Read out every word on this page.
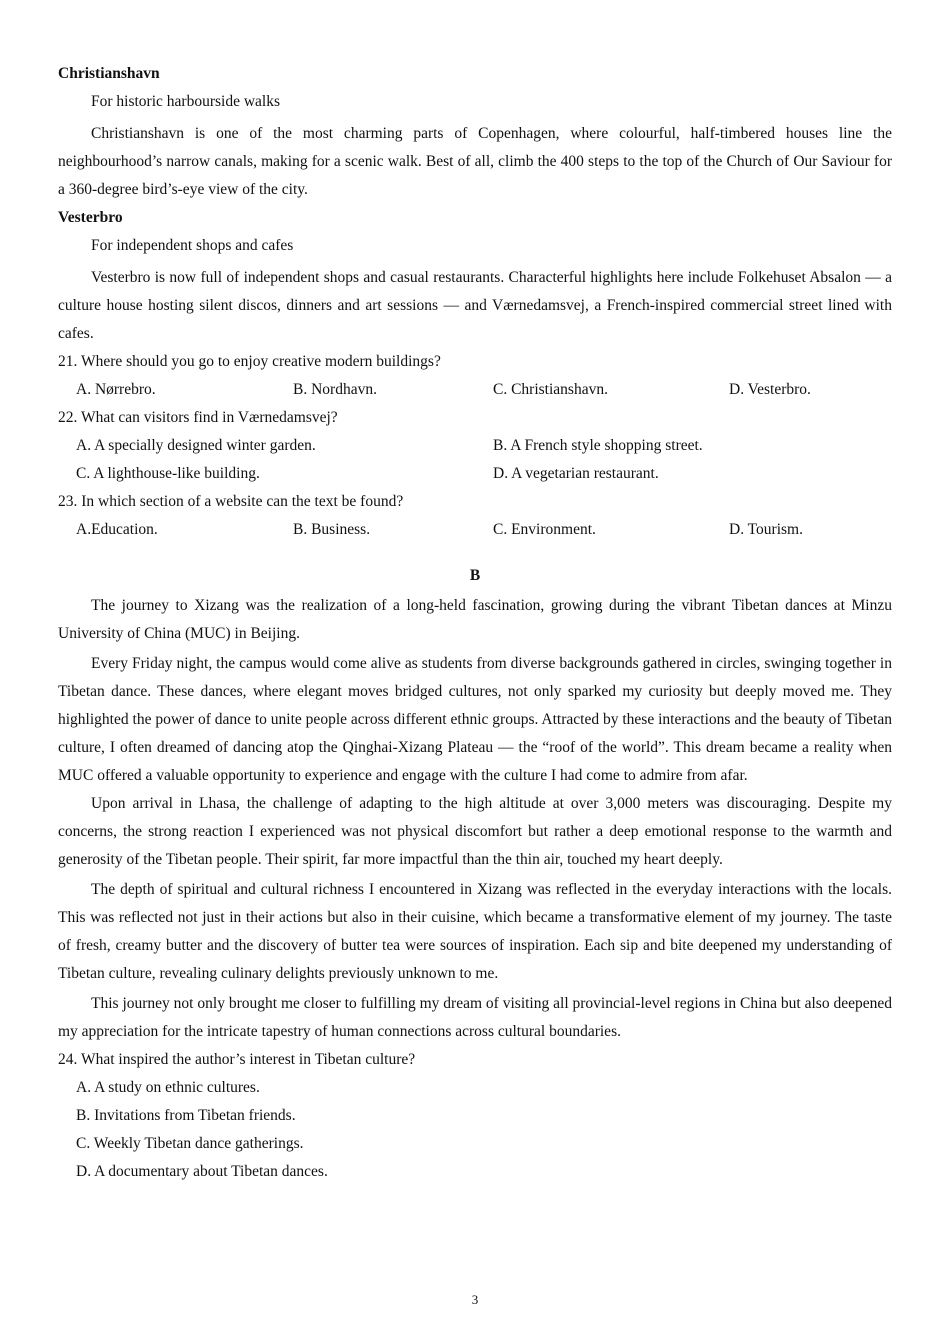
Christianshavn

For historic harbourside walks

Christianshavn is one of the most charming parts of Copenhagen, where colourful, half-timbered houses line the neighbourhood’s narrow canals, making for a scenic walk. Best of all, climb the 400 steps to the top of the Church of Our Saviour for a 360-degree bird’s-eye view of the city.

Vesterbro

For independent shops and cafes

Vesterbro is now full of independent shops and casual restaurants. Characterful highlights here include Folkehuset Absalon — a culture house hosting silent discos, dinners and art sessions — and Værnedamsvej, a French-inspired commercial street lined with cafes.

21. Where should you go to enjoy creative modern buildings?

A. Nørrebro.	B. Nordhavn.	C. Christianshavn.	D. Vesterbro.

22. What can visitors find in Værnedamsvej?

A. A specially designed winter garden.	B. A French style shopping street.
C. A lighthouse-like building.	D. A vegetarian restaurant.

23. In which section of a website can the text be found?

A.Education.	B. Business.	C. Environment.	D. Tourism.

B

The journey to Xizang was the realization of a long-held fascination, growing during the vibrant Tibetan dances at Minzu University of China (MUC) in Beijing.

Every Friday night, the campus would come alive as students from diverse backgrounds gathered in circles, swinging together in Tibetan dance. These dances, where elegant moves bridged cultures, not only sparked my curiosity but deeply moved me. They highlighted the power of dance to unite people across different ethnic groups. Attracted by these interactions and the beauty of Tibetan culture, I often dreamed of dancing atop the Qinghai-Xizang Plateau — the “roof of the world”. This dream became a reality when MUC offered a valuable opportunity to experience and engage with the culture I had come to admire from afar.

Upon arrival in Lhasa, the challenge of adapting to the high altitude at over 3,000 meters was discouraging. Despite my concerns, the strong reaction I experienced was not physical discomfort but rather a deep emotional response to the warmth and generosity of the Tibetan people. Their spirit, far more impactful than the thin air, touched my heart deeply.

The depth of spiritual and cultural richness I encountered in Xizang was reflected in the everyday interactions with the locals. This was reflected not just in their actions but also in their cuisine, which became a transformative element of my journey. The taste of fresh, creamy butter and the discovery of butter tea were sources of inspiration. Each sip and bite deepened my understanding of Tibetan culture, revealing culinary delights previously unknown to me.

This journey not only brought me closer to fulfilling my dream of visiting all provincial-level regions in China but also deepened my appreciation for the intricate tapestry of human connections across cultural boundaries.

24. What inspired the author’s interest in Tibetan culture?

A. A study on ethnic cultures.
B. Invitations from Tibetan friends.
C. Weekly Tibetan dance gatherings.
D. A documentary about Tibetan dances.
3
